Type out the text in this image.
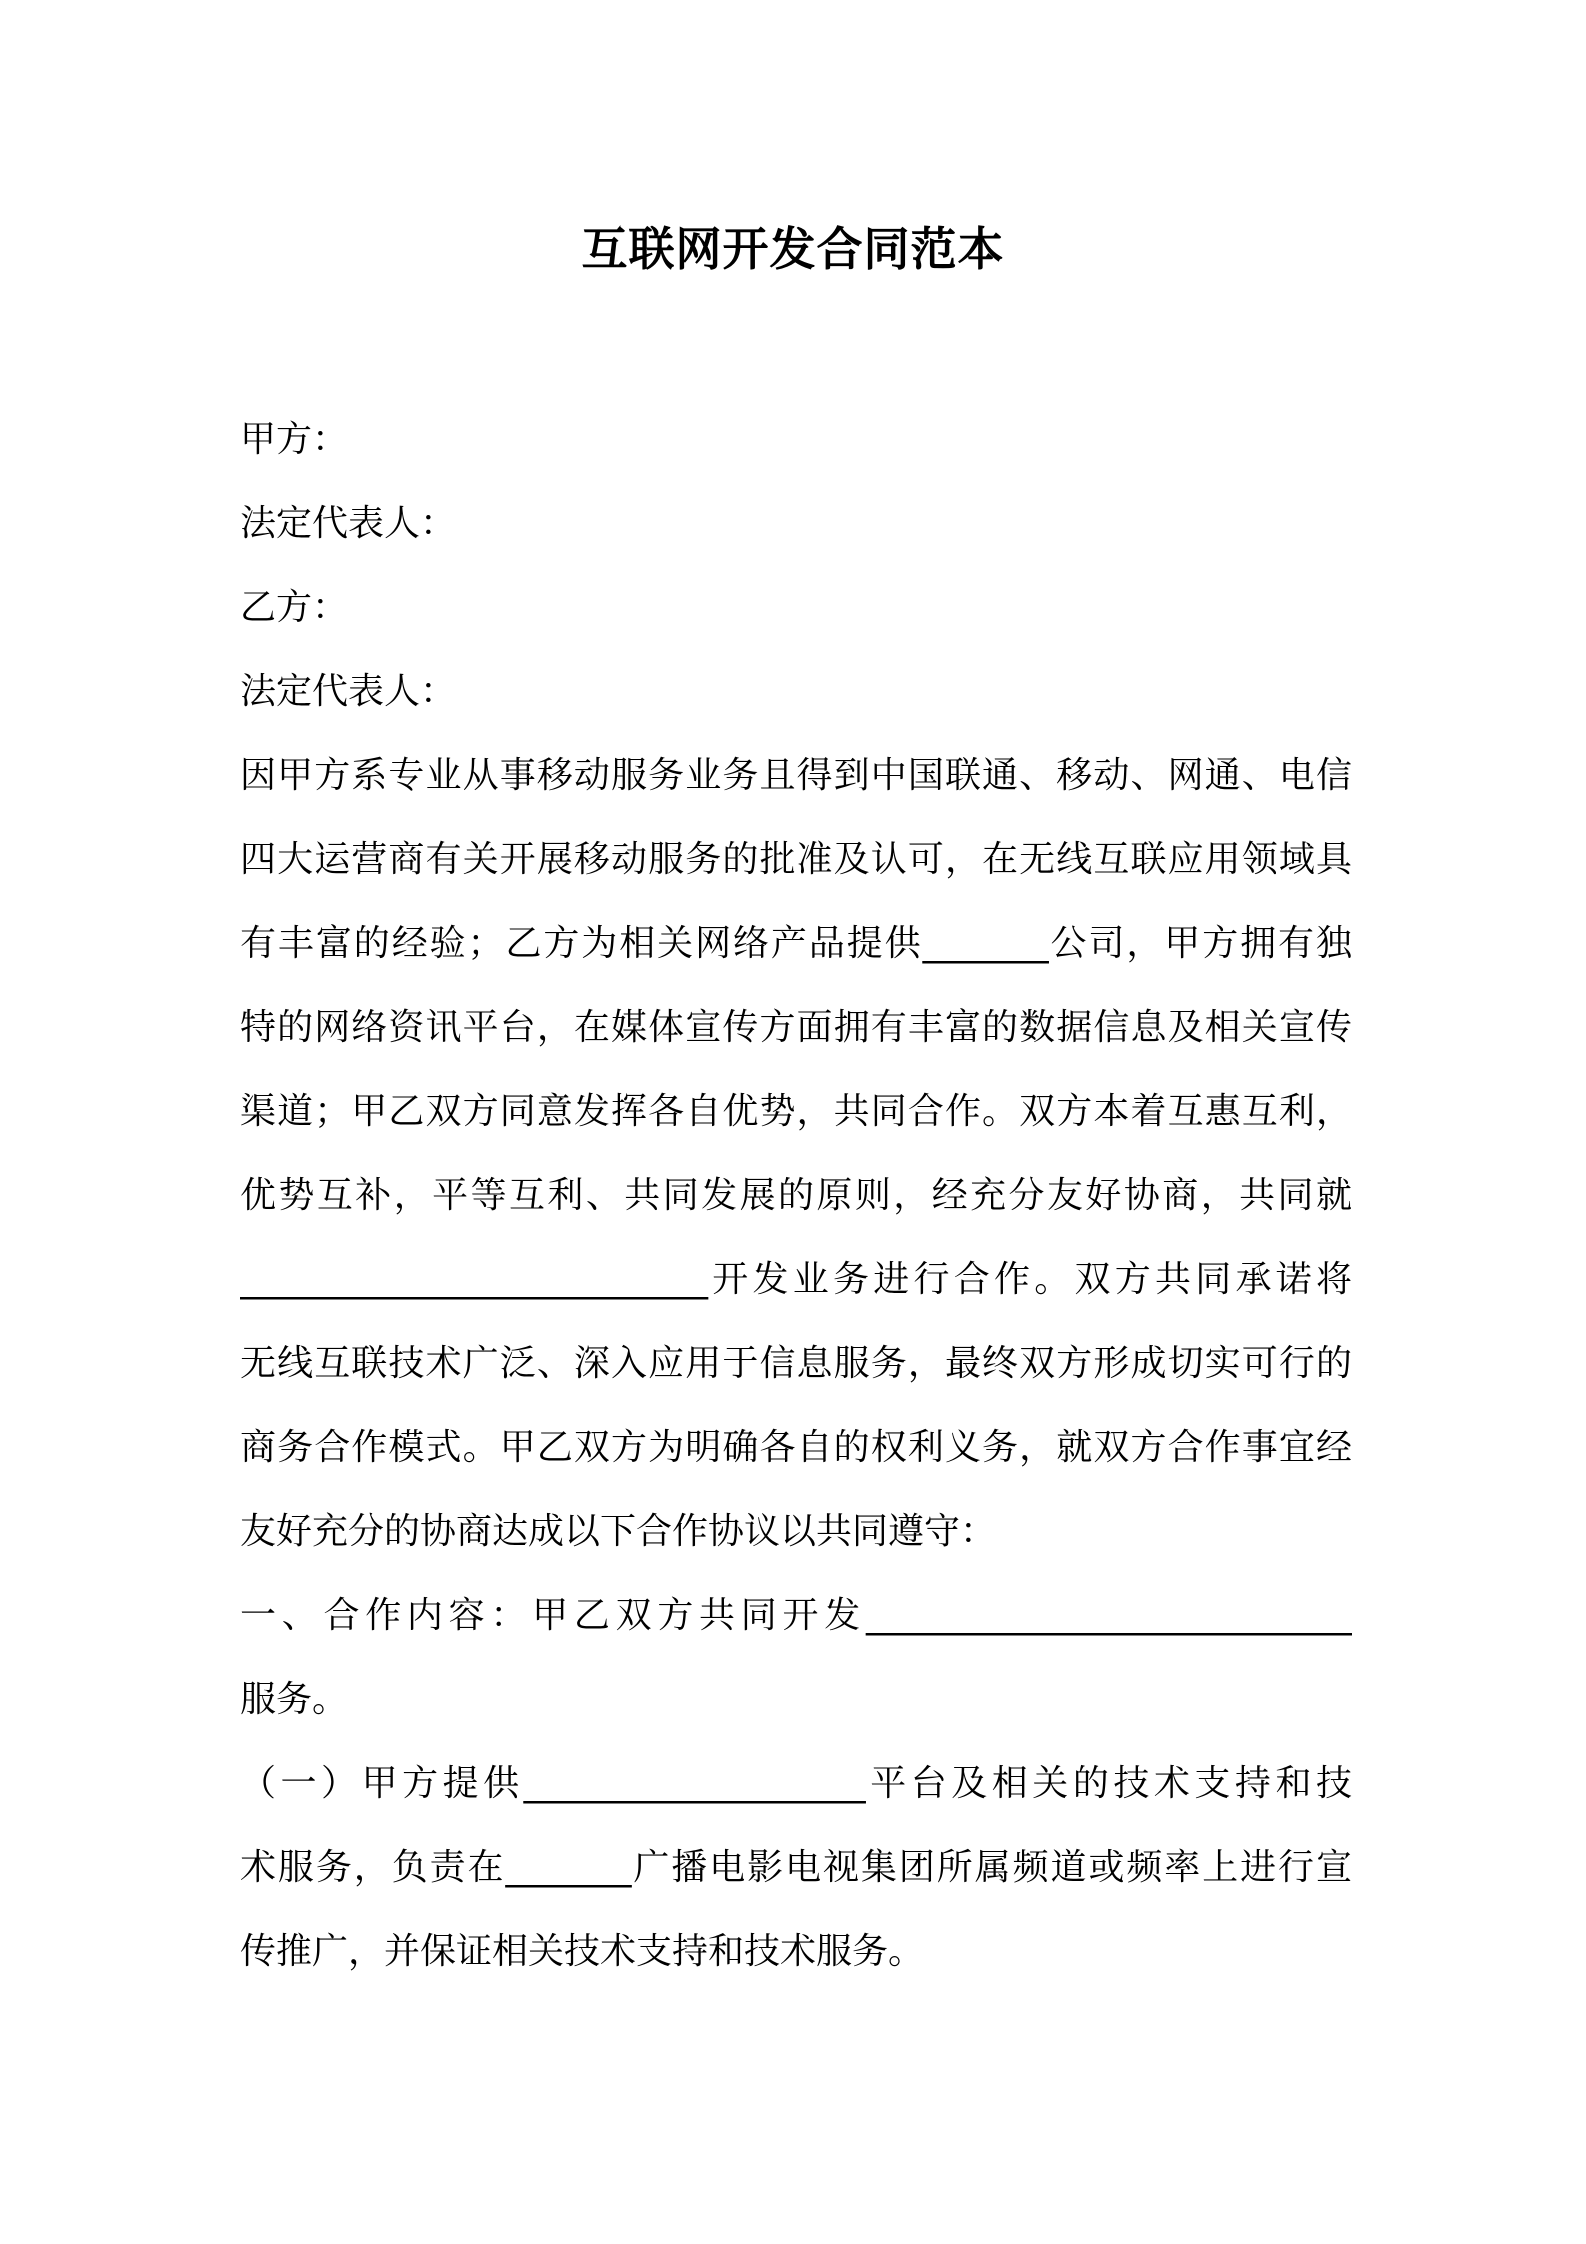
互联网开发合同范本
甲方：
法定代表人：
乙方：
法定代表人：
因甲方系专业从事移动服务业务且得到中国联通、移动、网通、电信
四大运营商有关开展移动服务的批准及认可，在无线互联应用领域具
有丰富的经验；乙方为相关网络产品提供_______公司，甲方拥有独
特的网络资讯平台，在媒体宣传方面拥有丰富的数据信息及相关宣传
渠道；甲乙双方同意发挥各自优势，共同合作。双方本着互惠互利，
优势互补，平等互利、共同发展的原则，经充分友好协商，共同就
__________________________开发业务进行合作。双方共同承诺将
无线互联技术广泛、深入应用于信息服务，最终双方形成切实可行的
商务合作模式。甲乙双方为明确各自的权利义务，就双方合作事宜经
友好充分的协商达成以下合作协议以共同遵守：
一、合作内容：甲乙双方共同开发___________________________
服务。
（一）甲方提供___________________平台及相关的技术支持和技
术服务，负责在_______广播电影电视集团所属频道或频率上进行宣
传推广，并保证相关技术支持和技术服务。
